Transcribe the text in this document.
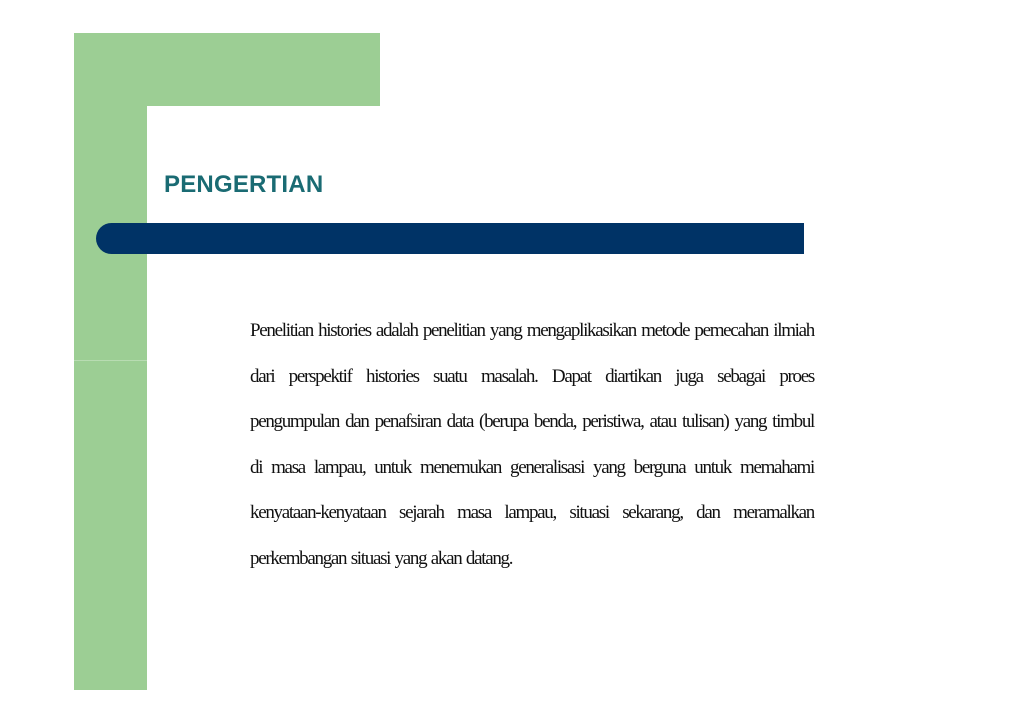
PENGERTIAN

Penelitian histories adalah penelitian yang mengaplikasikan metode pemecahan ilmiah dari perspektif histories suatu masalah. Dapat diartikan juga sebagai proes pengumpulan dan penafsiran data (berupa benda, peristiwa, atau tulisan) yang timbul di masa lampau, untuk menemukan generalisasi yang berguna untuk memahami kenyataan-kenyataan sejarah masa lampau, situasi sekarang, dan meramalkan perkembangan situasi yang akan datang.
